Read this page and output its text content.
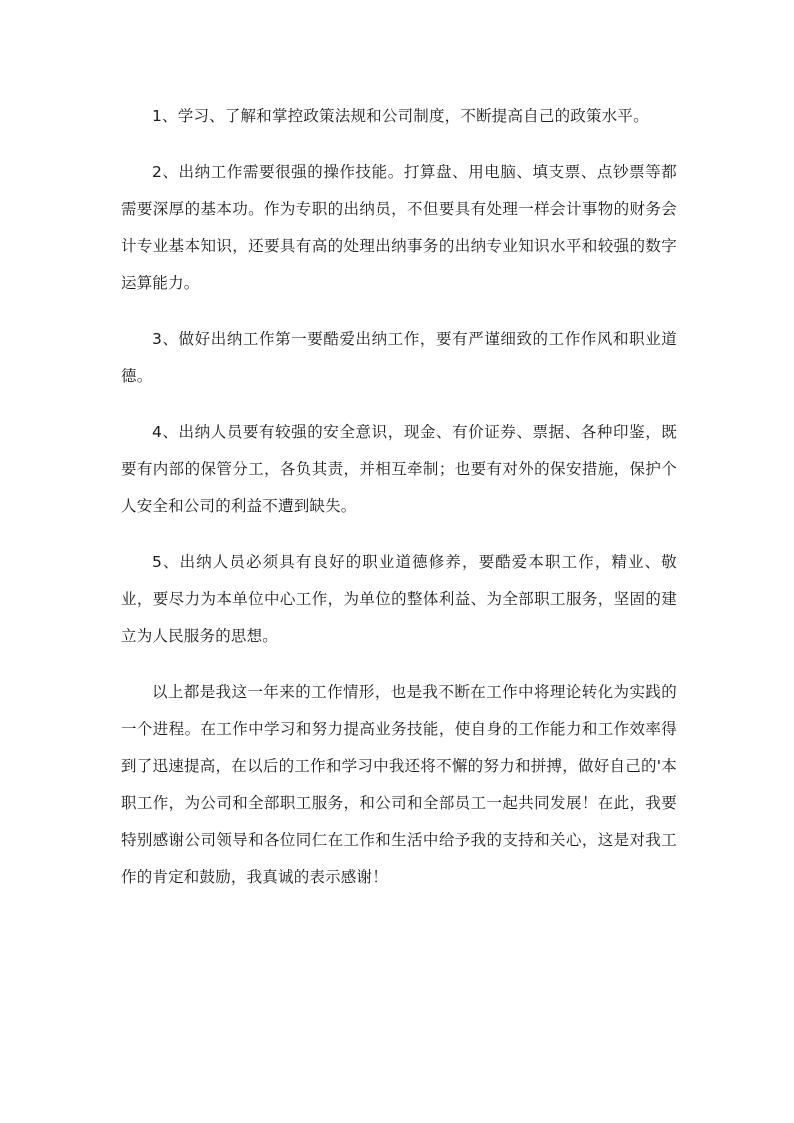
1、学习、了解和掌控政策法规和公司制度，不断提高自己的政策水平。

2、出纳工作需要很强的操作技能。打算盘、用电脑、填支票、点钞票等都需要深厚的基本功。作为专职的出纳员，不但要具有处理一样会计事物的财务会计专业基本知识，还要具有高的处理出纳事务的出纳专业知识水平和较强的数字运算能力。

3、做好出纳工作第一要酷爱出纳工作，要有严谨细致的工作作风和职业道德。

4、出纳人员要有较强的安全意识，现金、有价证券、票据、各种印鉴，既要有内部的保管分工，各负其责，并相互牵制；也要有对外的保安措施，保护个人安全和公司的利益不遭到缺失。

5、出纳人员必须具有良好的职业道德修养，要酷爱本职工作，精业、敬业，要尽力为本单位中心工作，为单位的整体利益、为全部职工服务，坚固的建立为人民服务的思想。

以上都是我这一年来的工作情形，也是我不断在工作中将理论转化为实践的一个进程。在工作中学习和努力提高业务技能，使自身的工作能力和工作效率得到了迅速提高，在以后的工作和学习中我还将不懈的努力和拼搏，做好自己的'本职工作，为公司和全部职工服务，和公司和全部员工一起共同发展！在此，我要特别感谢公司领导和各位同仁在工作和生活中给予我的支持和关心，这是对我工作的肯定和鼓励，我真诚的表示感谢！
